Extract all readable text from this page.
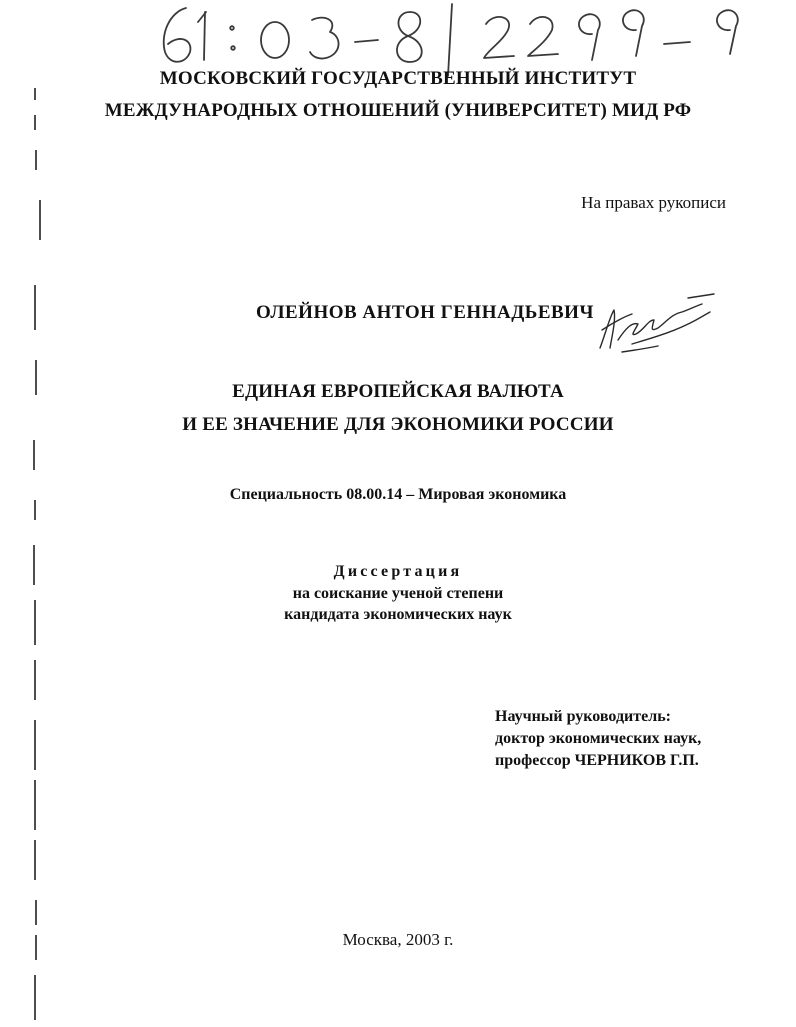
МОСКОВСКИЙ ГОСУДАРСТВЕННЫЙ ИНСТИТУТ
МЕЖДУНАРОДНЫХ ОТНОШЕНИЙ (УНИВЕРСИТЕТ) МИД РФ
На правах рукописи
ОЛЕЙНОВ АНТОН ГЕННАДЬЕВИЧ
ЕДИНАЯ ЕВРОПЕЙСКАЯ ВАЛЮТА
И ЕЕ ЗНАЧЕНИЕ ДЛЯ ЭКОНОМИКИ РОССИИ
Специальность 08.00.14 – Мировая экономика
Диссертация
на соискание ученой степени
кандидата экономических наук
Научный руководитель:
доктор экономических наук,
профессор ЧЕРНИКОВ Г.П.
Москва, 2003 г.
